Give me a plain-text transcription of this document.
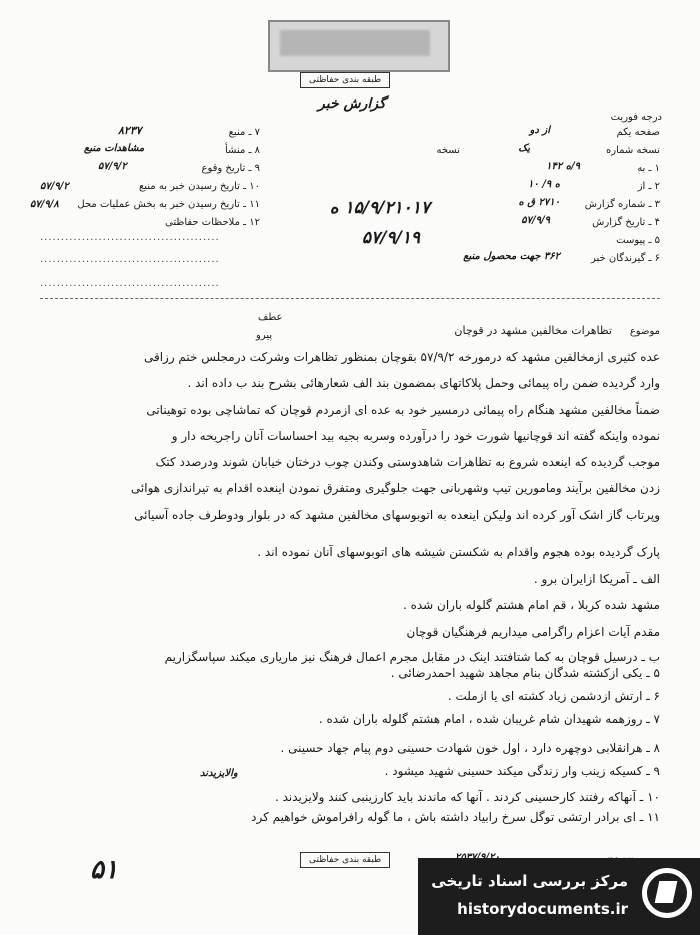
طبقه بندی حفاظتی
گزارش خبر
درجه فوریت
۷ ـ منبع
۸۲۳۷
۸ ـ منشأ
مشاهدات منبع
۹ ـ تاریخ وقوع
۵۷/۹/۲
۱۰ ـ تاریخ رسیدن خبر به منبع
۵۷/۹/۲
۱۱ ـ تاریخ رسیدن خبر به بخش عملیات محل
۵۷/۹/۸
۱۲ ـ ملاحظات حفاظتی
...........................................
...........................................
...........................................
صفحه یکم
از دو
نسخه شماره
یک
نسخه
۱ ـ به
۹/ه ۱۴۲
۲ ـ از
ه ۹/ ۱۰
۳ ـ شماره گزارش
۲۷۱۰ ق ه
۴ ـ تاریخ گزارش
۵۷/۹/۹
۵ ـ پیوست
۶ ـ گیرندگان خبر
۳۶۲ جهت محصول منبع
۱۵/۹/۲۱۰۱۷ ه
۵۷/۹/۱۹
عطف
پیرو	موضوع
تظاهرات مخالفین مشهد در قوچان
عده کثیری ازمخالفین مشهد که درمورخه ۵۷/۹/۲ بقوچان بمنظور تظاهرات وشرکت درمجلس ختم رزاقی
وارد گردیده ضمن راه پیمائی وحمل پلاکاتهای بمضمون بند الف شعارهائی بشرح بند ب داده اند .
ضمناً مخالفین مشهد هنگام راه پیمائی درمسیر خود به عده ای ازمردم قوچان که تماشاچی بوده توهیناتی
نموده واینکه گفته اند قوچانیها شورت خود را درآورده وسربه بجیه بید احساسات آنان راجریحه دار و
موجب گردیده که اینعده شروع به تظاهرات شاهدوستی وکندن چوب درختان خیابان شوند ودرصدد کتک
زدن مخالفین برآیند ومامورین تیپ وشهربانی جهت جلوگیری ومتفرق نمودن اینعده اقدام به تیراندازی هوائی
وپرتاب گاز اشک آور کرده اند ولیکن اینعده به اتوبوسهای مخالفین مشهد که در بلوار ودوطرف جاده آسیائی
پارک گردیده بوده هجوم واقدام به شکستن شیشه های اتوبوسهای آنان نموده اند .
الف ـ آمریکا ازایران برو .
مشهد شده کربلا ، قم امام هشتم گلوله باران شده .
مقدم آیات اعزام راگرامی میداریم فرهنگیان قوچان
ب ـ درسیل قوچان به کما شتافتند اینک در مقابل مجرم اعمال فرهنگ نیز ماریاری میکند سپاسگزاریم
۵ ـ یکی ازکشته شدگان بنام مجاهد شهید احمدرضائی .
۶ ـ ارتش ازدشمن زیاد کشته ای یا ازملت .
۷ ـ روزهمه شهیدان شام غریبان شده ، امام هشتم گلوله باران شده .
۸ ـ هرانقلابی دوچهره دارد ، اول خون شهادت حسینی دوم پیام جهاد حسینی .
۹ ـ کسیکه زینب وار زندگی میکند حسینی شهید میشود .
والایزیدند
۱۰ ـ آنهاکه رفتند کارحسینی کردند . آنها که ماندند باید کارزینبی کنند ولایزیدند .
۱۱ ـ ای برادر ارتشی توگل سرخ رابیاد داشته باش ، ما گوله رافراموش خواهیم کرد
۵۱	طبقه بندی حفاظتی
مرکز بررسی اسناد تاریخی
historydocuments.ir
